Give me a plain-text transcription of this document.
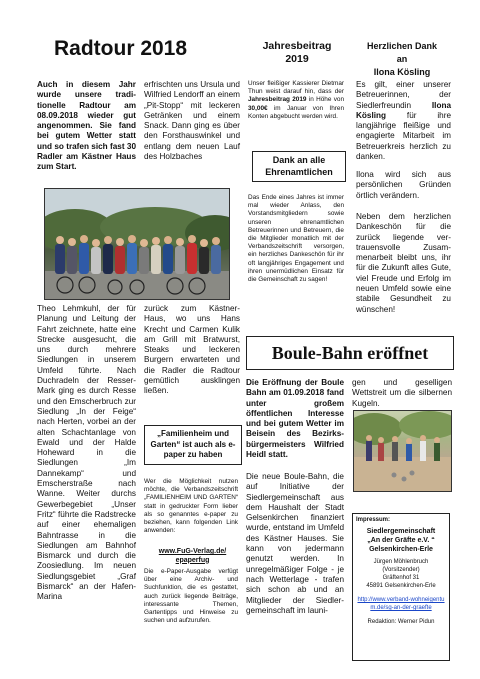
Radtour 2018
Auch in diesem Jahr wurde unsere traditionelle Radtour am 08.09.2018 wieder gut angenommen. Sie fand bei gutem Wetter statt und so trafen sich fast 30 Radler am Kästner Haus zum Start.
erfrischten uns Ursula und Wilfried Lendorff an einem „Pit-Stopp“ mit leckeren Getränken und einem Snack. Dann ging es über den Forsthauswinkel und entlang dem neuen Lauf des Holzbaches
Theo Lehmkuhl, der für Planung und Leitung der Fahrt zeichnete, hatte eine Strecke ausgesucht, die uns durch mehrere Siedlungen in unserem Umfeld führte. Nach Duchradeln der Resser-Mark ging es durch Resse und den Emscherbruch zur Siedlung „In der Feige“ nach Herten, vorbei an der alten Schachtanlage von Ewald und der Halde Hoheward in die Siedlungen „Im Dannekamp“ und Emscherstraße nach Wanne. Weiter durchs Gewerbegebiet „Unser Fritz“ führte die Radstrecke auf einer ehemaligen Bahntrasse in die Siedlungen am Bahnhof Bismarck und durch die Zoosiedlung. Im neuen Siedlungsgebiet „Graf Bismarck“ an der Hafen-Marina
zurück zum Kästner-Haus, wo uns Hans Krecht und Carmen Kulik am Grill mit Bratwurst, Steaks und leckeren Burgern erwarteten und die Radler die Radtour gemütlich ausklingen ließen.
„Familienheim und Garten“ ist auch als e-paper zu haben
Wer die Möglichkeit nutzen möchte, die Verbandszeitschrift „FAMILIENHEIM UND GARTEN“ statt in gedruckter Form lieber als so genanntes e-paper zu beziehen, kann folgenden Link anwenden:
www.FuG-Verlag.de/ epaperfug
Die e-Paper-Ausgabe verfügt über eine Archiv- und Suchfunktion, die es gestattet, auch zurück liegende Beiträge, interessante Themen, Gartentipps und Hinweise zu suchen und aufzurufen.
Jahresbeitrag 2019
Unser fleißiger Kassierer Dietmar Thun weist darauf hin, dass der Jahresbeitrag 2019 in Höhe von 30,00€ im Januar von Ihren Konten abgebucht werden wird.
Dank an alle Ehrenamtlichen
Das Ende eines Jahres ist immer mal wieder Anlass, den Vorstandsmitgliedern sowie unseren ehrenamtlichen Betreuerinnen und Betreuern, die die Mitglieder monatlich mit der Verbandszeitschrift versorgen, ein herzliches Dankeschön für ihr oft langjähriges Engagement und ihren unermüdlichen Einsatz für die Gemeinschaft zu sagen!
Herzlichen Dank
an
Ilona Kösling
Es gilt, einer unserer Betreuerinnen, der Siedlerfreundin	Ilona Kösling	für ihre langjährige fleißige und engagierte Mitarbeit im Betreuerkreis herzlich zu danken.
Ilona wird sich aus persönlichen Gründen örtlich verändern.
Neben dem herzlichen Dankeschön für die zurück liegende vertrauensvolle Zusammenarbeit bleibt uns, ihr für die Zukunft alles Gute, viel Freude und Erfolg im neuen Umfeld sowie eine stabile Gesundheit zu wünschen!
Boule-Bahn eröffnet
Die Eröffnung der Boule Bahn am 01.09.2018 fand unter großem öffentlichen Interesse und bei gutem Wetter im Beisein des Bezirksbürgermeisters Wilfried Heidl statt.
gen und geselligen Wettstreit um die silbernen Kugeln.
Die neue Boule-Bahn, die auf Initiative der Siedlergemeinschaft aus dem Haushalt der Stadt Gelsenkirchen finanziert wurde, entstand im Umfeld des Kästner Hauses. Sie kann von jedermann genutzt werden. In unregelmäßiger Folge - je nach Wetterlage - trafen sich schon ab und an Mitglieder der Siedlergemeinschaft im launi-
Impressum:
Siedlergemeinschaft
„An der Gräfte e.V. “
Gelsenkirchen-Erle
Jürgen Möhlenbruch
(Vorsitzender)
Gräftenhof 31
45891 Gelsenkirchen-Erle
http://www.verband-wohneigentum.de/sg-an-der-graefte
Redaktion: Werner Pidun
